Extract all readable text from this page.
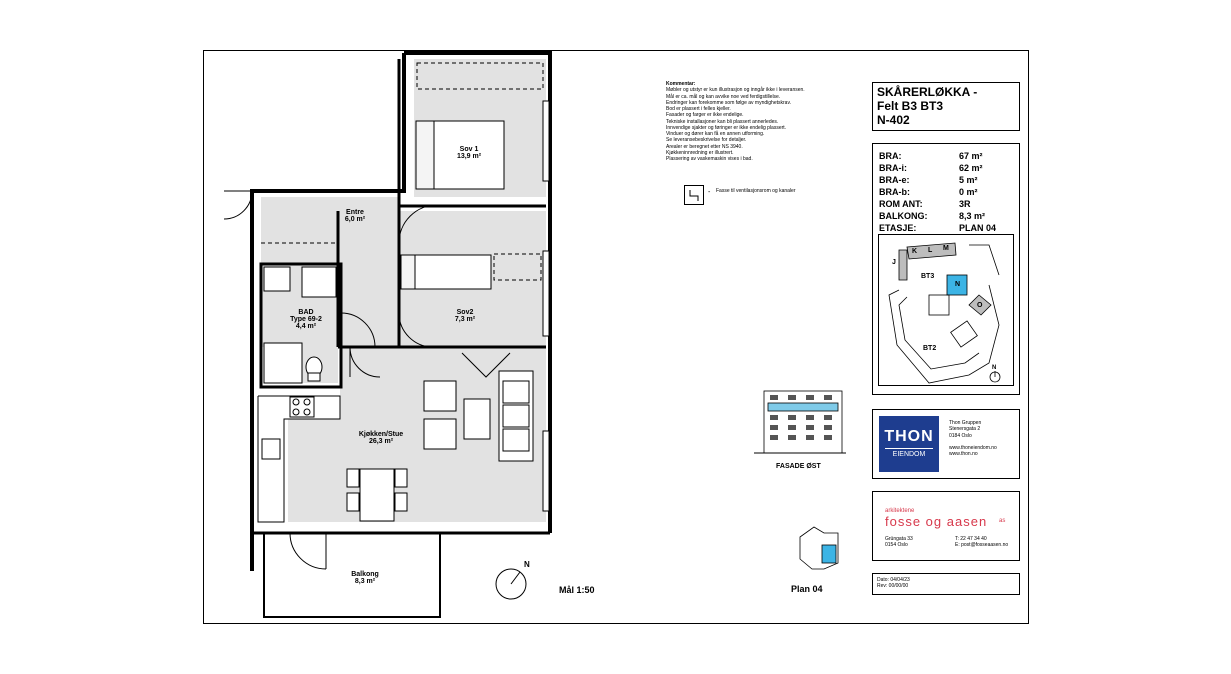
Sov 1
13,9 m²
Entre
6,0 m²
BAD
Type 69-2
4,4 m²
Sov2
7,3 m²
Kjøkken/Stue
26,3 m²
Balkong
8,3 m²
N
Mål 1:50
Kommentar:
Møbler og utstyr er kun illustrasjon og inngår ikke i leveransen.
Mål er ca. mål og kan avvike noe ved ferdigstillelse.
Endringer kan forekomme som følge av myndighetskrav.
Bod er plassert i felles kjeller.
Fasader og farger er ikke endelige.
Tekniske installasjoner kan bli plassert annerledes.
Innvendige sjakter og føringer er ikke endelig plassert.
Vinduer og dører kan få en annen utforming.
Se leveransebeskrivelse for detaljer.
Arealer er beregnet etter NS 3940.
Kjøkkeninnredning er illustrert.
Plassering av vaskemaskin vises i bad.
- Fasse til ventilasjonsrom og kanaler
SKÅRERLØKKA -
Felt B3 BT3
N-402
BRA:	67 m²
BRA-i:	62 m²
BRA-e:	5 m²
BRA-b:	0 m²
ROM ANT:	3R
BALKONG:	8,3 m²
ETASJE:	PLAN 04
J
K L M
N
O
BT3
BT2
N
FASADE ØST
Plan 04
THON
EIENDOM
Thon Gruppen
Stenersgata 2
0184 Oslo
www.thoneiendom.no
www.thon.no
arkitektene
fosse og aasen as
Grüngata 33
0154 Oslo
T: 22 47 34 40
E: post@fosseaasen.no
Dato: 04/04/23
Rev: 00/00/00
